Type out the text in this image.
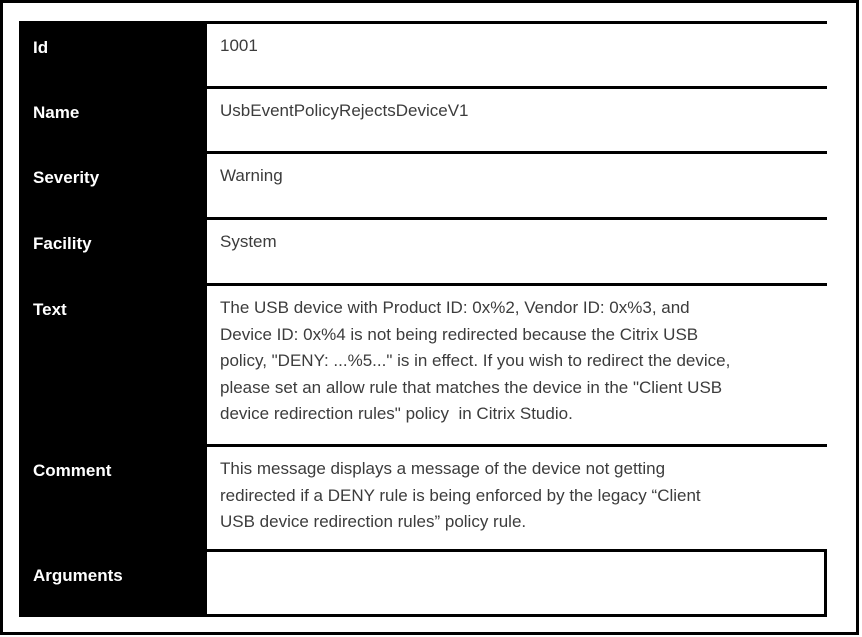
Id	1001
Name	UsbEventPolicyRejectsDeviceV1
Severity	Warning
Facility	System
Text	The USB device with Product ID: 0x%2, Vendor ID: 0x%3, and
Device ID: 0x%4 is not being redirected because the Citrix USB
policy, "DENY: ...%5..." is in effect. If you wish to redirect the device,
please set an allow rule that matches the device in the "Client USB
device redirection rules" policy  in Citrix Studio.
Comment	This message displays a message of the device not getting
redirected if a DENY rule is being enforced by the legacy “Client
USB device redirection rules” policy rule.
Arguments
